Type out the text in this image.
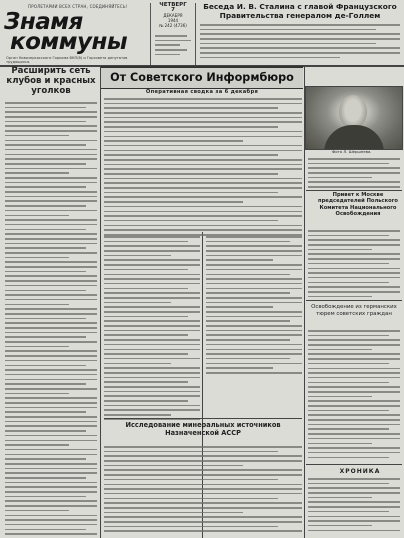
ПРОЛЕТАРИИ ВСЕХ СТРАН, СОЕДИНЯЙТЕСЬ!
Знамя
коммуны
Орган Новочеркасского Горкома ВКП(б) и Горсовета депутатов трудящихся.
ЧЕТВЕРГ
7
ДЕКАБРЯ
1944
№ 242 (4736)
Беседа И. В. Сталина с главой Французского Правительства генералом де-Голлем
Расширить сеть клубов и красных уголков
От Советского Информбюро
Оперативная сводка за 6 декабря
Исследование минеральных источников Назначенской АССР
Фото Л. Шершнева.
Привет к Москве председателей Польского Комитета Национального Освобождения
Освобождение из германских тюрем советских граждан
ХРОНИКА
